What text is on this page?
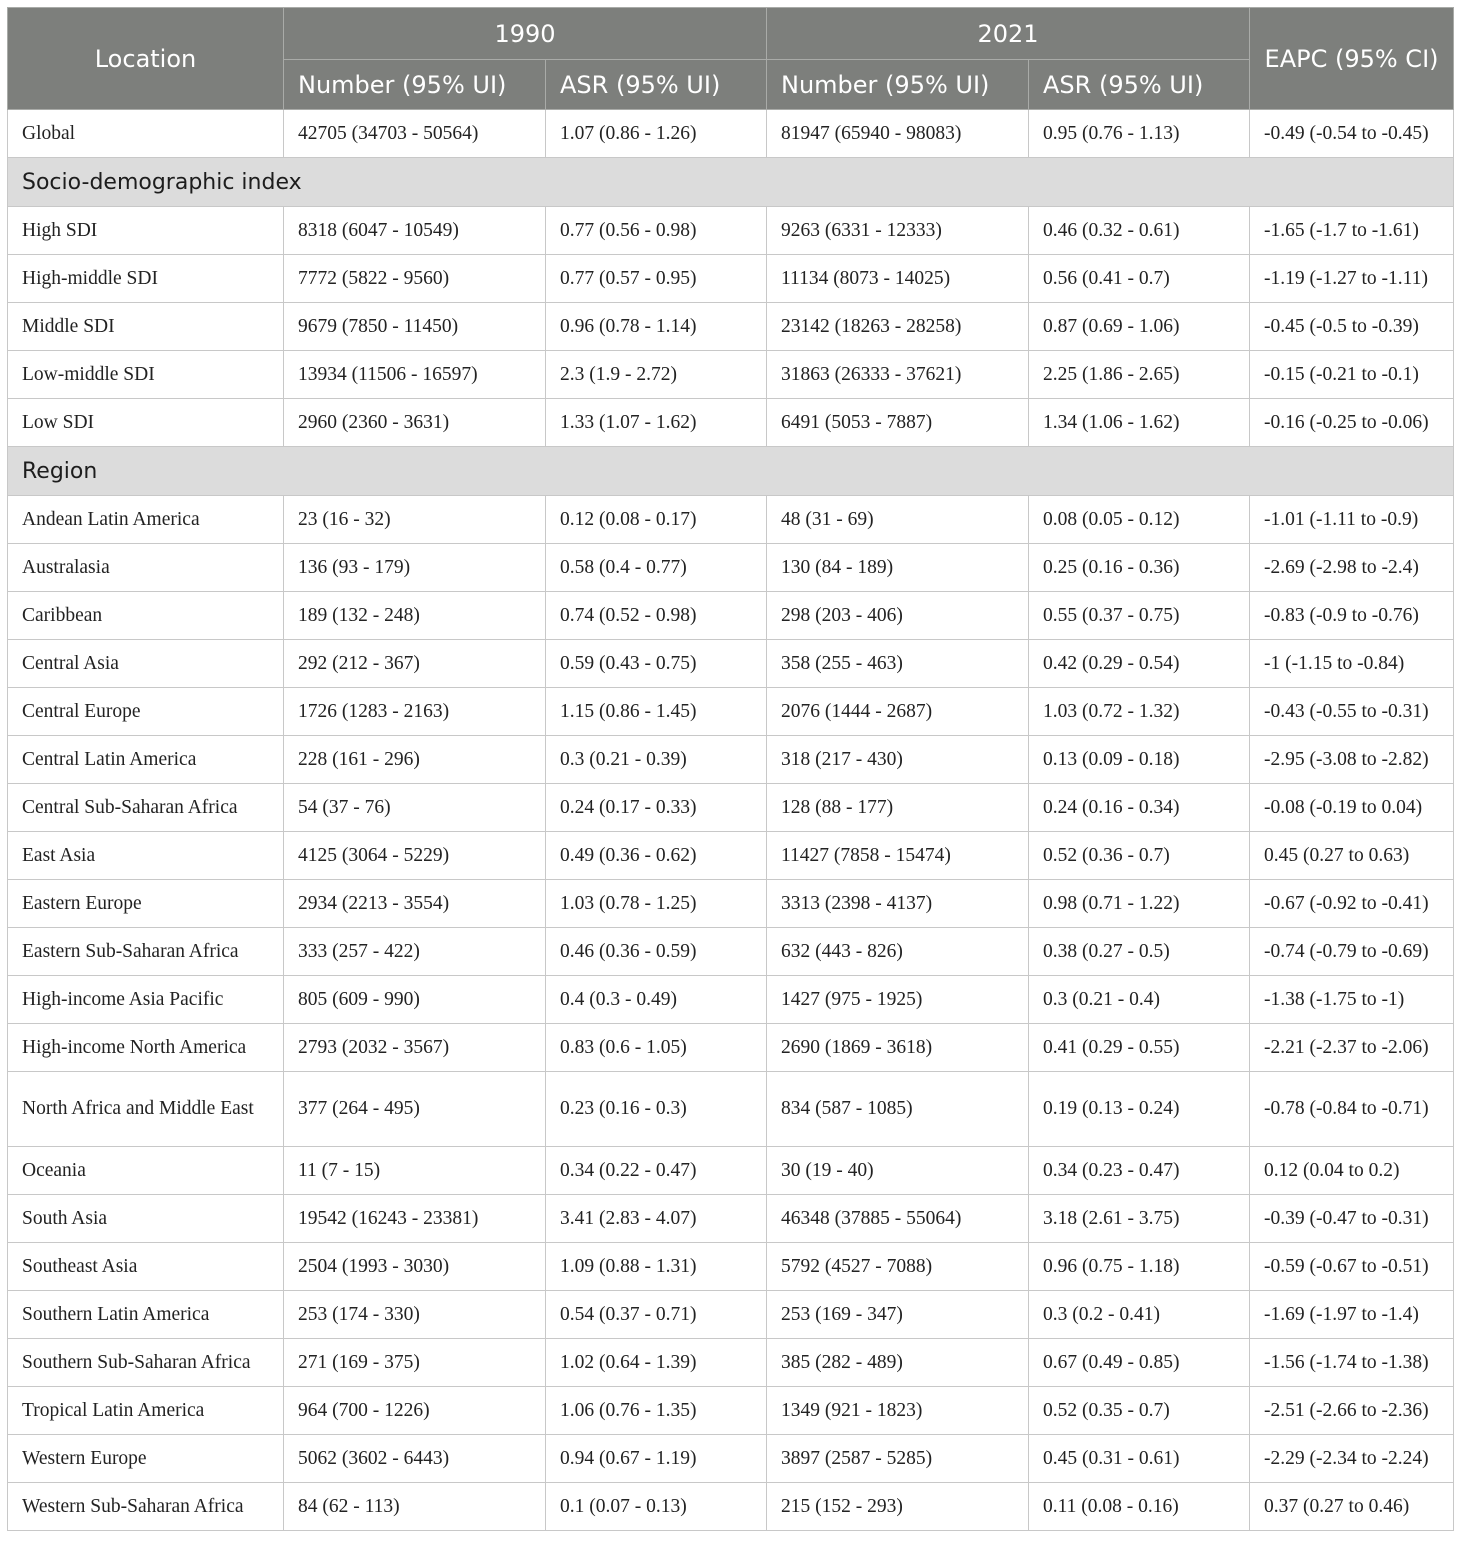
Location	1990		2021		EAPC (95% CI)
	Number (95% UI)	ASR (95% UI)	Number (95% UI)	ASR (95% UI)	
Global	42705 (34703 - 50564)	1.07 (0.86 - 1.26)	81947 (65940 - 98083)	0.95 (0.76 - 1.13)	-0.49 (-0.54 to -0.45)
Socio-demographic index					
High SDI	8318 (6047 - 10549)	0.77 (0.56 - 0.98)	9263 (6331 - 12333)	0.46 (0.32 - 0.61)	-1.65 (-1.7 to -1.61)
High-middle SDI	7772 (5822 - 9560)	0.77 (0.57 - 0.95)	11134 (8073 - 14025)	0.56 (0.41 - 0.7)	-1.19 (-1.27 to -1.11)
Middle SDI	9679 (7850 - 11450)	0.96 (0.78 - 1.14)	23142 (18263 - 28258)	0.87 (0.69 - 1.06)	-0.45 (-0.5 to -0.39)
Low-middle SDI	13934 (11506 - 16597)	2.3 (1.9 - 2.72)	31863 (26333 - 37621)	2.25 (1.86 - 2.65)	-0.15 (-0.21 to -0.1)
Low SDI	2960 (2360 - 3631)	1.33 (1.07 - 1.62)	6491 (5053 - 7887)	1.34 (1.06 - 1.62)	-0.16 (-0.25 to -0.06)
Region					
Andean Latin America	23 (16 - 32)	0.12 (0.08 - 0.17)	48 (31 - 69)	0.08 (0.05 - 0.12)	-1.01 (-1.11 to -0.9)
Australasia	136 (93 - 179)	0.58 (0.4 - 0.77)	130 (84 - 189)	0.25 (0.16 - 0.36)	-2.69 (-2.98 to -2.4)
Caribbean	189 (132 - 248)	0.74 (0.52 - 0.98)	298 (203 - 406)	0.55 (0.37 - 0.75)	-0.83 (-0.9 to -0.76)
Central Asia	292 (212 - 367)	0.59 (0.43 - 0.75)	358 (255 - 463)	0.42 (0.29 - 0.54)	-1 (-1.15 to -0.84)
Central Europe	1726 (1283 - 2163)	1.15 (0.86 - 1.45)	2076 (1444 - 2687)	1.03 (0.72 - 1.32)	-0.43 (-0.55 to -0.31)
Central Latin America	228 (161 - 296)	0.3 (0.21 - 0.39)	318 (217 - 430)	0.13 (0.09 - 0.18)	-2.95 (-3.08 to -2.82)
Central Sub-Saharan Africa	54 (37 - 76)	0.24 (0.17 - 0.33)	128 (88 - 177)	0.24 (0.16 - 0.34)	-0.08 (-0.19 to 0.04)
East Asia	4125 (3064 - 5229)	0.49 (0.36 - 0.62)	11427 (7858 - 15474)	0.52 (0.36 - 0.7)	0.45 (0.27 to 0.63)
Eastern Europe	2934 (2213 - 3554)	1.03 (0.78 - 1.25)	3313 (2398 - 4137)	0.98 (0.71 - 1.22)	-0.67 (-0.92 to -0.41)
Eastern Sub-Saharan Africa	333 (257 - 422)	0.46 (0.36 - 0.59)	632 (443 - 826)	0.38 (0.27 - 0.5)	-0.74 (-0.79 to -0.69)
High-income Asia Pacific	805 (609 - 990)	0.4 (0.3 - 0.49)	1427 (975 - 1925)	0.3 (0.21 - 0.4)	-1.38 (-1.75 to -1)
High-income North America	2793 (2032 - 3567)	0.83 (0.6 - 1.05)	2690 (1869 - 3618)	0.41 (0.29 - 0.55)	-2.21 (-2.37 to -2.06)
North Africa and Middle East	377 (264 - 495)	0.23 (0.16 - 0.3)	834 (587 - 1085)	0.19 (0.13 - 0.24)	-0.78 (-0.84 to -0.71)
Oceania	11 (7 - 15)	0.34 (0.22 - 0.47)	30 (19 - 40)	0.34 (0.23 - 0.47)	0.12 (0.04 to 0.2)
South Asia	19542 (16243 - 23381)	3.41 (2.83 - 4.07)	46348 (37885 - 55064)	3.18 (2.61 - 3.75)	-0.39 (-0.47 to -0.31)
Southeast Asia	2504 (1993 - 3030)	1.09 (0.88 - 1.31)	5792 (4527 - 7088)	0.96 (0.75 - 1.18)	-0.59 (-0.67 to -0.51)
Southern Latin America	253 (174 - 330)	0.54 (0.37 - 0.71)	253 (169 - 347)	0.3 (0.2 - 0.41)	-1.69 (-1.97 to -1.4)
Southern Sub-Saharan Africa	271 (169 - 375)	1.02 (0.64 - 1.39)	385 (282 - 489)	0.67 (0.49 - 0.85)	-1.56 (-1.74 to -1.38)
Tropical Latin America	964 (700 - 1226)	1.06 (0.76 - 1.35)	1349 (921 - 1823)	0.52 (0.35 - 0.7)	-2.51 (-2.66 to -2.36)
Western Europe	5062 (3602 - 6443)	0.94 (0.67 - 1.19)	3897 (2587 - 5285)	0.45 (0.31 - 0.61)	-2.29 (-2.34 to -2.24)
Western Sub-Saharan Africa	84 (62 - 113)	0.1 (0.07 - 0.13)	215 (152 - 293)	0.11 (0.08 - 0.16)	0.37 (0.27 to 0.46)
